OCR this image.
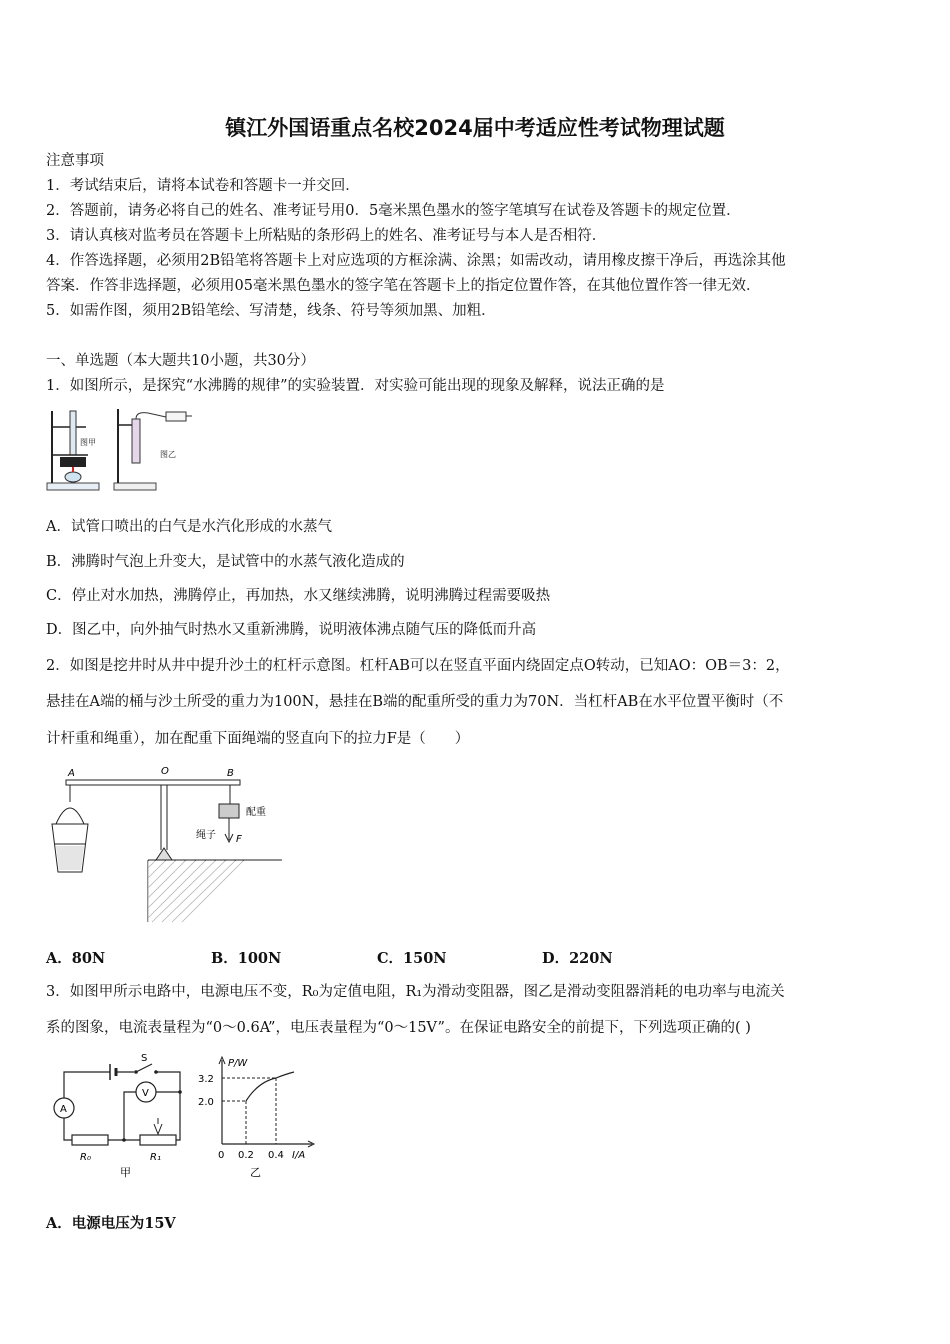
镇江外国语重点名校2024届中考适应性考试物理试题
注意事项
1．考试结束后，请将本试卷和答题卡一并交回．
2．答题前，请务必将自己的姓名、准考证号用0．5毫米黑色墨水的签字笔填写在试卷及答题卡的规定位置．
3．请认真核对监考员在答题卡上所粘贴的条形码上的姓名、准考证号与本人是否相符．
4．作答选择题，必须用2B铅笔将答题卡上对应选项的方框涂满、涂黑；如需改动，请用橡皮擦干净后，再选涂其他
答案．作答非选择题，必须用05毫米黑色墨水的签字笔在答题卡上的指定位置作答，在其他位置作答一律无效．
5．如需作图，须用2B铅笔绘、写清楚，线条、符号等须加黑、加粗．
一、单选题（本大题共10小题，共30分）
1．如图所示，是探究“水沸腾的规律”的实验装置．对实验可能出现的现象及解释，说法正确的是
图甲
图乙
A．试管口喷出的白气是水汽化形成的水蒸气
B．沸腾时气泡上升变大，是试管中的水蒸气液化造成的
C．停止对水加热，沸腾停止，再加热，水又继续沸腾，说明沸腾过程需要吸热
D．图乙中，向外抽气时热水又重新沸腾，说明液体沸点随气压的降低而升高
2．如图是挖井时从井中提升沙土的杠杆示意图。杠杆AB可以在竖直平面内绕固定点O转动，已知AO：OB＝3：2，
悬挂在A端的桶与沙土所受的重力为100N，悬挂在B端的配重所受的重力为70N．当杠杆AB在水平位置平衡时（不
计杆重和绳重），加在配重下面绳端的竖直向下的拉力F是（　　）
A	O	B
配重
绳子 F
A．80N	B．100N	C．150N	D．220N
3．如图甲所示电路中，电源电压不变，R₀为定值电阻，R₁为滑动变阻器，图乙是滑动变阻器消耗的电功率与电流关
系的图象，电流表量程为“0～0.6A”，电压表量程为“0～15V”。在保证电路安全的前提下，下列选项正确的( )
S
A
R₀	R₁
V
甲
P/W
3.2
2.0
0 0.2 0.4 I/A
乙
A．电源电压为15V
